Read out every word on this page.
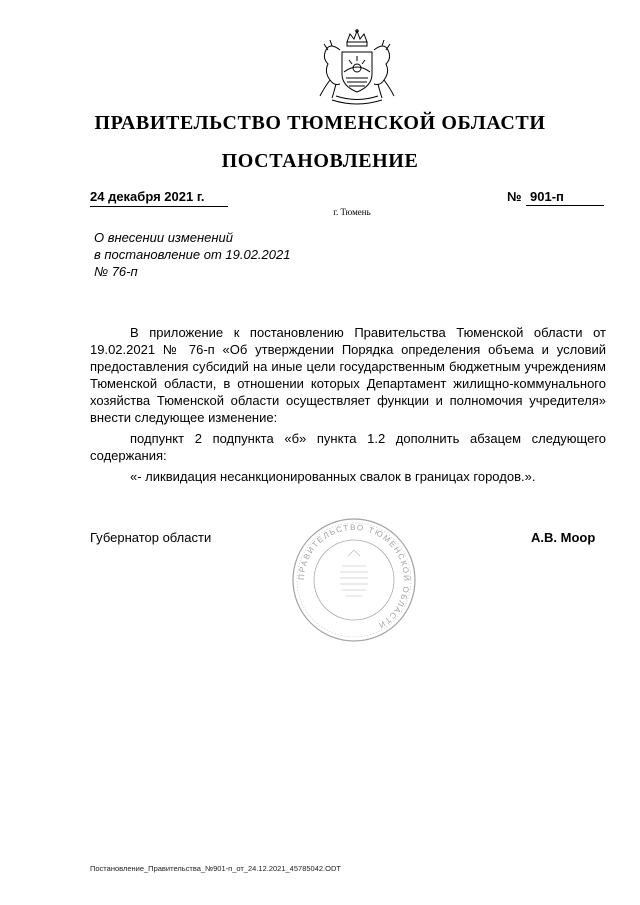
ПРАВИТЕЛЬСТВО ТЮМЕНСКОЙ ОБЛАСТИ
ПОСТАНОВЛЕНИЕ
24 декабря 2021 г.	№ 901-п
г. Тюмень
О внесении изменений
в постановление от 19.02.2021
№ 76-п

В приложение к постановлению Правительства Тюменской области от 19.02.2021 № 76-п «Об утверждении Порядка определения объема и условий предоставления субсидий на иные цели государственным бюджетным учреждениям Тюменской области, в отношении которых Департамент жилищно-коммунального хозяйства Тюменской области осуществляет функции и полномочия учредителя» внести следующее изменение:

подпункт 2 подпункта «б» пункта 1.2 дополнить абзацем следующего содержания:

«- ликвидация несанкционированных свалок в границах городов.».

Губернатор области
ПРАВИТЕЛЬСТВО ТЮМЕНСКОЙ ОБЛАСТИ
А.В. Моор
Постановление_Правительства_№901-п_от_24.12.2021_45785042.ODT
